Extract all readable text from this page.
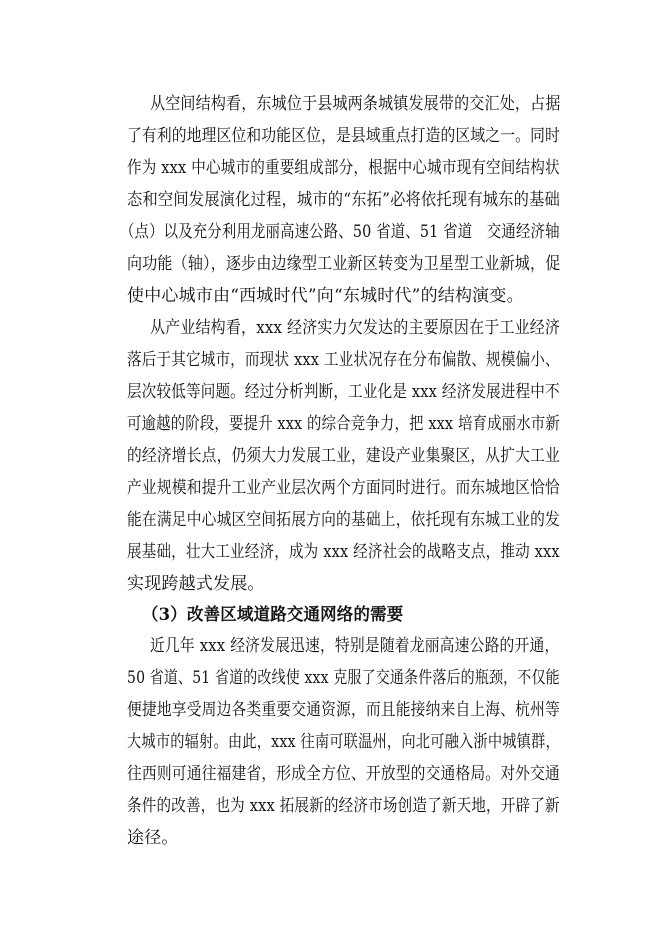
从空间结构看，东城位于县城两条城镇发展带的交汇处，占据
了有利的地理区位和功能区位，是县域重点打造的区域之一。同时
作为 xxx 中心城市的重要组成部分，根据中心城市现有空间结构状
态和空间发展演化过程，城市的“东拓”必将依托现有城东的基础
（点）以及充分利用龙丽高速公路、50 省道、51 省道　交通经济轴
向功能（轴），逐步由边缘型工业新区转变为卫星型工业新城，促
使中心城市由“西城时代”向“东城时代”的结构演变。
从产业结构看，xxx 经济实力欠发达的主要原因在于工业经济
落后于其它城市，而现状 xxx 工业状况存在分布偏散、规模偏小、
层次较低等问题。经过分析判断，工业化是 xxx 经济发展进程中不
可逾越的阶段，要提升 xxx 的综合竞争力，把 xxx 培育成丽水市新
的经济增长点，仍须大力发展工业，建设产业集聚区，从扩大工业
产业规模和提升工业产业层次两个方面同时进行。而东城地区恰恰
能在满足中心城区空间拓展方向的基础上，依托现有东城工业的发
展基础，壮大工业经济，成为 xxx 经济社会的战略支点，推动 xxx
实现跨越式发展。
（3）改善区域道路交通网络的需要
近几年 xxx 经济发展迅速，特别是随着龙丽高速公路的开通，
50 省道、51 省道的改线使 xxx 克服了交通条件落后的瓶颈，不仅能
便捷地享受周边各类重要交通资源，而且能接纳来自上海、杭州等
大城市的辐射。由此，xxx 往南可联温州，向北可融入浙中城镇群，
往西则可通往福建省，形成全方位、开放型的交通格局。对外交通
条件的改善，也为 xxx 拓展新的经济市场创造了新天地，开辟了新
途径。
